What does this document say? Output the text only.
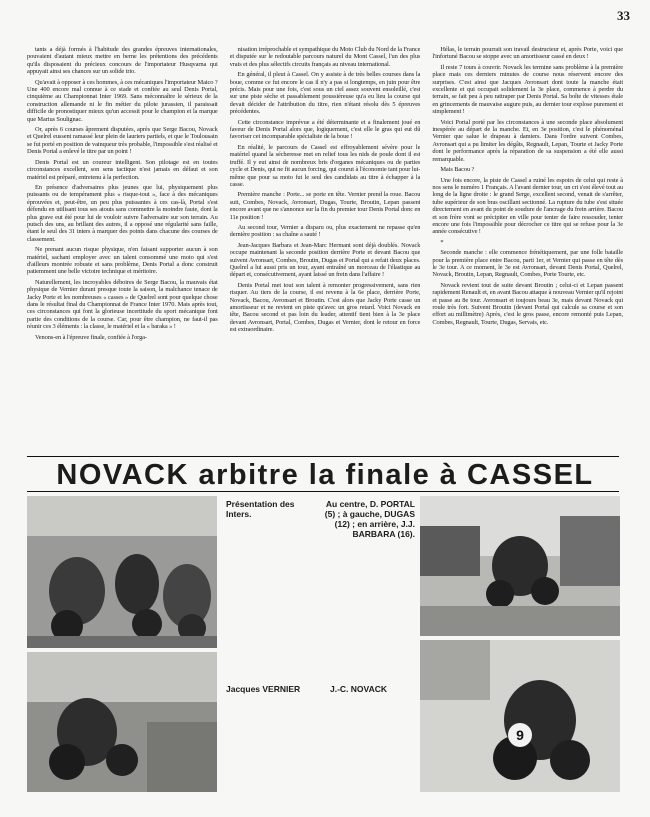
33

tants a déjà formés à l'habitude des grandes épreuves internationales, pouvaient d'autant mieux mettre en berne les prétentions des précédents qu'ils disposaient du précieux concours de l'importateur Husqvarna qui appuyait ainsi ses chances sur un solide trio.

Qu'avait à opposer à ces hommes, à ces mécaniques l'importateur Maico ? Une 400 encore mal connue à ce stade et confiée au seul Denis Portal, cinquième au Championnat Inter 1969. Sans méconnaître le sérieux de la construction allemande ni le fin métier du pilote jurassien, il paraissait difficile de pronostiquer mieux qu'un accessit pour le champion et la marque que Marius Soulignac.

Or, après 6 courses âprement disputées, après que Serge Bacou, Novack et Quelrel eussent ramassé leur plein de lauriers partiels, et que le Toulousain se fut porté en position de vainqueur très probable, l'impossible s'est réalisé et Denis Portal a enlevé le titre par un point !

Denis Portal est un coureur intelligent. Son pilotage est en toutes circonstances excellent, son sens tactique n'est jamais en défaut et son matériel est préparé, entretenu à la perfection.

En présence d'adversaires plus jeunes que lui, physiquement plus puissants ou de tempérament plus « risque-tout », face à des mécaniques éprouvées et, peut-être, un peu plus puissantes à ces cas-là, Portal s'est défendu en utilisant tous ses atouts sans commettre la moindre faute, dont la plus grave eut été pour lui de vouloir suivre l'adversaire sur son terrain. Au putsch des uns, au brillant des autres, il a opposé une régularité sans faille, étant le seul des 31 inters à marquer des points dans chacune des courses de classement.

Ne prenant aucun risque physique, n'en faisant supporter aucun à son matériel, sachant employer avec un talent consommé une moto qui s'est d'ailleurs montrée robuste et sans problème, Denis Portal a donc construit patiemment une belle victoire technique et méritoire.

Naturellement, les incroyables déboires de Serge Bacou, la mauvais état physique de Vernier durant presque toute la saison, la malchance tenace de Jacky Porte et les nombreuses « casses » de Quelrel sont pour quelque chose dans le résultat final du Championnat de France Inter 1970. Mais après tout, ces circonstances qui font la glorieuse incertitude du sport mécanique font partie des conditions de la course. Car, pour être champion, ne faut-il pas réunir ces 3 éléments : la classe, le matériel et la « baraka » !

Venons-en à l'épreuve finale, confiée à l'orga-

nisation irréprochable et sympathique du Moto Club du Nord de la France et disputée sur le redoutable parcours naturel du Mont Cassel, l'un des plus vrais et des plus sélectifs circuits français au niveau international.

En général, il pleut à Cassel. On y assiste à de très belles courses dans la boue, comme ce fut encore le cas il n'y a pas si longtemps, en juin pour être précis. Mais pour une fois, c'est sous un ciel assez souvent ensoleillé, c'est sur une piste sèche et passablement poussiéreuse qu'a eu lieu la course qui devait décider de l'attribution du titre, rien n'étant résolu dès 5 épreuves précédentes.

Cette circonstance imprévue a été déterminante et a finalement joué en faveur de Denis Portal alors que, logiquement, c'est elle le gras qui eut dû favoriser cet incomparable spécialiste de la boue !

En réalité, le parcours de Cassel est effroyablement sévère pour le matériel quand la sécheresse met en relief tous les nids de poule dont il est truffé. Il y eut ainsi de nombreux bris d'organes mécaniques ou de parties cycle et Denis, qui ne fit aucun forcing, qui courut à l'économie tant pour lui-même que pour sa moto fut le seul des candidats au titre à échapper à la casse.

Première manche : Porte... se porte en tête. Vernier prend la roue. Bacou suit, Combes, Novack, Avronsart, Dugas, Tourte, Broutin, Lepan passent encore avant que ne s'annonce sur la fin du premier tour Denis Portal donc en 11e position !

Au second tour, Vernier a disparu ou, plus exactement ne repasse qu'en dernière position : sa chaîne a sauté !

Jean-Jacques Barbara et Jean-Marc Hermant sont déjà doublés. Novack occupe maintenant la seconde position derrière Porte et devant Bacou que suivent Avronsart, Combes, Broutin, Dugas et Portal qui a refait deux places. Quelrel a lui aussi pris un tour, ayant entraîné un morceau de l'élastique au départ et, consécutivement, ayant laissé un frein dans l'affaire !

Denis Portal met tout son talent à remonter progressivement, sans rien risquer. Au tiers de la course, il est revenu à la 6e place, derrière Porte, Novack, Bacou, Avronsart et Broutin. C'est alors que Jacky Porte casse un amortisseur et ne revient en piste qu'avec un gros retard. Voici Novack en tête, Bacou second et pas loin du leader, attentif tient bien à la 3e place devant Avronsart, Portal, Combes, Dugas et Vernier, dont le retour en force est extraordinaire.

Hélas, le terrain pourrait son travail destructeur et, après Porte, voici que l'infortuné Bacou se stoppe avec un amortisseur cassé en deux !

Il reste 7 tours à couvrir. Novack les termine sans problème à la première place mais ces derniers minutes de course nous réservent encore des surprises. C'est ainsi que Jacques Avronsart dont toute la manche était excellente et qui occupait solidement la 3e place, commence à perdre du terrain, se fait peu à peu rattraper par Denis Portal. Sa boîte de vitesses étale en grincements de mauvaise augure puis, au dernier tour explose purement et simplement !

Voici Portal porté par les circonstances à une seconde place absolument inespérée au départ de la manche. Et, en 3e position, c'est le phénoménal Vernier que salue le drapeau à damiers. Dans l'ordre suivent Combes, Avronsart qui a pu limiter les dégâts, Regnault, Lepan, Tourte et Jacky Porte dont le performance après la réparation de sa suspension a été elle aussi remarquable.

Mais Bacou ?

Une fois encore, la piste de Cassel a ruiné les espoirs de celui qui reste à nos sens le numéro 1 Français. A l'avant dernier tour, un cri s'est élevé tout au long de la ligne droite : le grand Serge, excellent second, venait de s'arrêter, tube supérieur de son bras oscillant sectionné. La rupture du tube s'est située directement en avant du point de soudure de l'ancrage du frein arrière. Bacou et son frère vont se précipiter en ville pour tenter de faire ressouder, tenter encore une fois l'impossible pour décrocher ce titre qui se refuse pour la 3e année consécutive !

*

Seconde manche : elle commence frénétiquement, par une folle bataille pour la première place entre Bacou, parti 1er, et Vernier qui passe en tête dès le 3e tour. A ce moment, le 3e est Avronsart, devant Denis Portal, Quelrel, Novack, Broutin, Lepan, Regnault, Combes, Porte Tourte, etc.

Novack revient tout de suite devant Broutin ; celui-ci et Lepan passent rapidement Renault et, en avant Bacou attaque à nouveau Vernier qu'il rejoint et passe au 8e tour. Avronsart et toujours beau 3e, mais devant Novack qui roule très fort. Suivent Broutin (devant Portal qui calcule sa course et son effort au millimètre) Après, c'est le gros passe, encore remonté puis Lepan, Combes, Regnault, Tourte, Dugas, Servais, etc.

NOVACK arbitre la finale à CASSEL
9
Présentation des Inters.
Au centre, D. PORTAL (5) ; à gauche, DUGAS (12) ; en arrière, J.J. BARBARA (16).
Jacques VERNIER	J.-C. NOVACK
